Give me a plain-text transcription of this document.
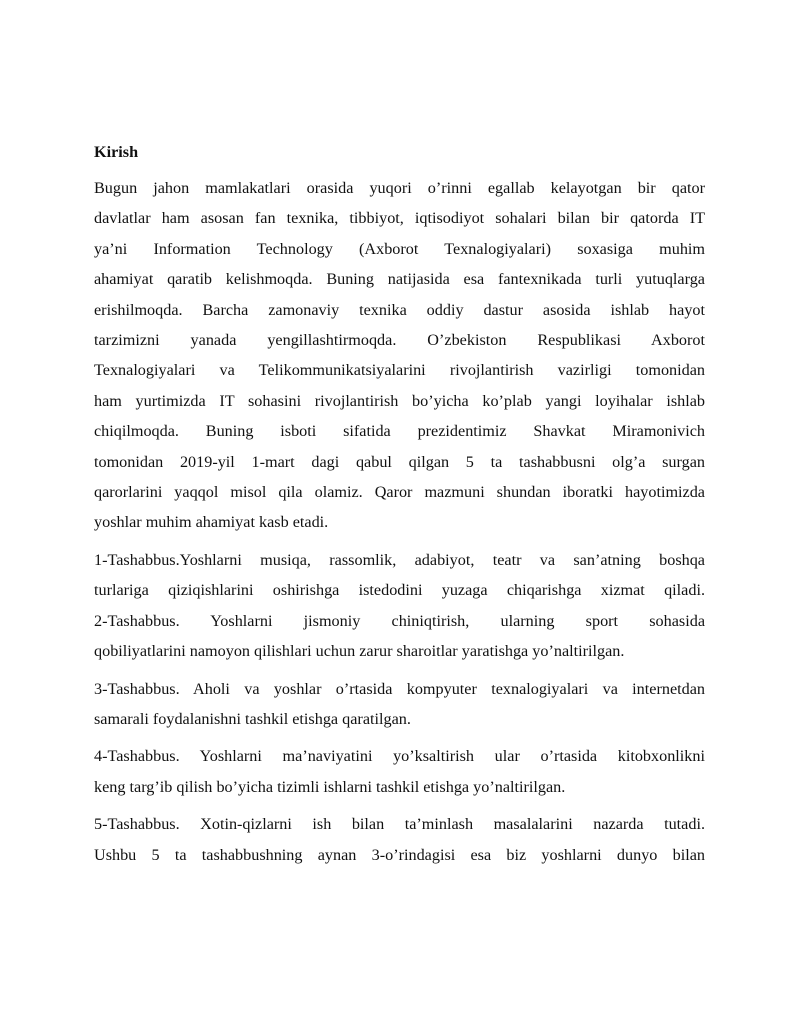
Kirish

Bugun jahon mamlakatlari orasida yuqori o’rinni egallab kelayotgan bir qator
davlatlar ham asosan fan texnika, tibbiyot, iqtisodiyot sohalari bilan bir qatorda IT
ya’ni Information Technology (Axborot Texnalogiyalari) soxasiga muhim
ahamiyat qaratib kelishmoqda. Buning natijasida esa fantexnikada turli yutuqlarga
erishilmoqda. Barcha zamonaviy texnika oddiy dastur asosida ishlab hayot
tarzimizni yanada yengillashtirmoqda. O’zbekiston Respublikasi Axborot
Texnalogiyalari va Telikommunikatsiyalarini rivojlantirish vazirligi tomonidan
ham yurtimizda IT sohasini rivojlantirish bo’yicha ko’plab yangi loyihalar ishlab
chiqilmoqda. Buning isboti sifatida prezidentimiz Shavkat Miramonivich
tomonidan 2019-yil 1-mart dagi qabul qilgan 5 ta tashabbusni olg’a surgan
qarorlarini yaqqol misol qila olamiz. Qaror mazmuni shundan iboratki hayotimizda
yoshlar muhim ahamiyat kasb etadi.

1-Tashabbus.Yoshlarni musiqa, rassomlik, adabiyot, teatr va san’atning boshqa
turlariga qiziqishlarini oshirishga istedodini yuzaga chiqarishga xizmat qiladi.
2-Tashabbus. Yoshlarni jismoniy chiniqtirish, ularning sport sohasida
qobiliyatlarini namoyon qilishlari uchun zarur sharoitlar yaratishga yo’naltirilgan.

3-Tashabbus. Aholi va yoshlar o’rtasida kompyuter texnalogiyalari va internetdan
samarali foydalanishni tashkil etishga qaratilgan.

4-Tashabbus. Yoshlarni ma’naviyatini yo’ksaltirish ular o’rtasida kitobxonlikni
keng targ’ib qilish bo’yicha tizimli ishlarni tashkil etishga yo’naltirilgan.

5-Tashabbus. Xotin-qizlarni ish bilan ta’minlash masalalarini nazarda tutadi.
Ushbu 5 ta tashabbushning aynan 3-o’rindagisi esa biz yoshlarni dunyo bilan
